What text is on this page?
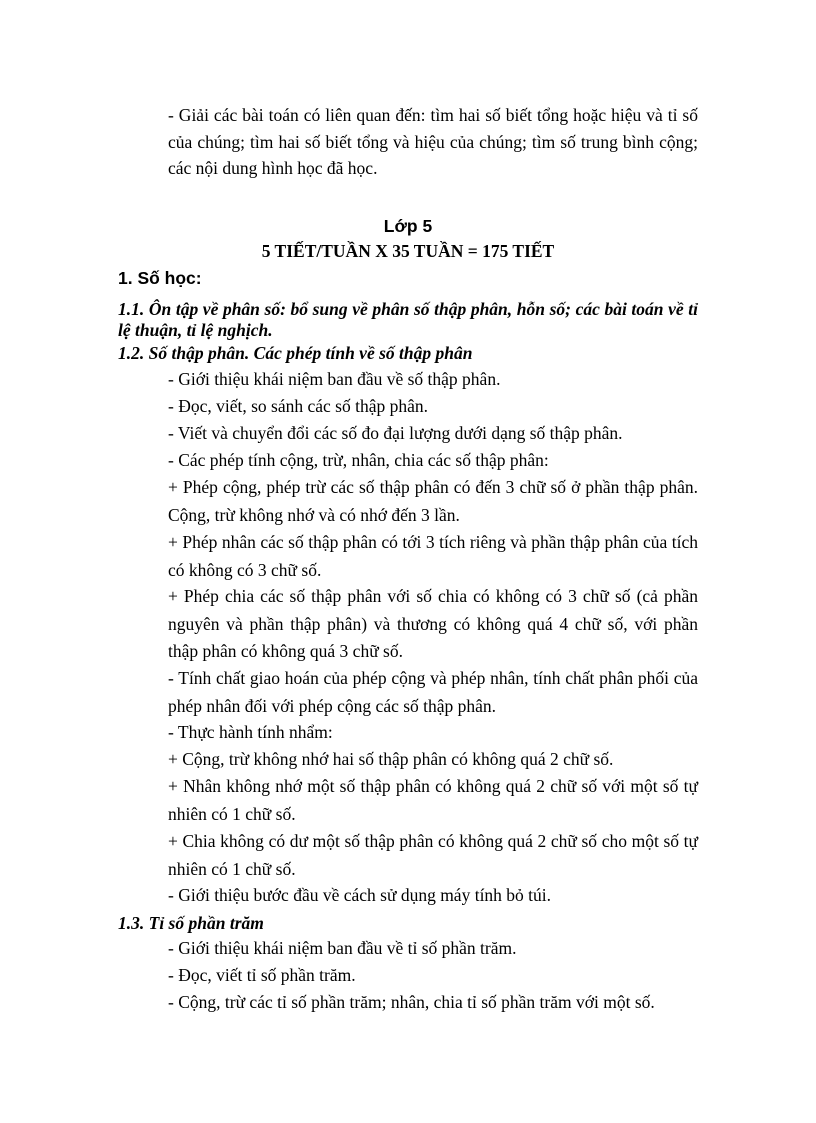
- Giải các bài toán có liên quan đến: tìm hai số biết tổng hoặc hiệu và tỉ số của chúng; tìm hai số biết tổng và hiệu của chúng; tìm số trung bình cộng; các nội dung hình học đã học.

Lớp 5

5 TIẾT/TUẦN X 35 TUẦN = 175 TIẾT

1. Số học:

1.1. Ôn tập về phân số: bổ sung về phân số thập phân, hỗn số; các bài toán về tỉ lệ thuận, tỉ lệ nghịch.

1.2. Số thập phân. Các phép tính về số thập phân

- Giới thiệu khái niệm ban đầu về số thập phân.

- Đọc, viết, so sánh các số thập phân.

- Viết và chuyển đổi các số đo đại lượng dưới dạng số thập phân.

- Các phép tính cộng, trừ, nhân, chia các số thập phân:

+ Phép cộng, phép trừ các số thập phân có đến 3 chữ số ở phần thập phân. Cộng, trừ không nhớ và có nhớ đến 3 lần.

+ Phép nhân các số thập phân có tới 3 tích riêng và phần thập phân của tích có không có 3 chữ số.

+ Phép chia các số thập phân với số chia có không có 3 chữ số (cả phần nguyên và phần thập phân) và thương có không quá 4 chữ số, với phần thập phân có không quá 3 chữ số.

- Tính chất giao hoán của phép cộng và phép nhân, tính chất phân phối của phép nhân đối với phép cộng các số thập phân.

- Thực hành tính nhẩm:

+ Cộng, trừ không nhớ hai số thập phân có không quá 2 chữ số.

+ Nhân không nhớ một số thập phân có không quá 2 chữ số với một số tự nhiên có 1 chữ số.

+ Chia không có dư một số thập phân có không quá 2 chữ số cho một số tự nhiên có 1 chữ số.

- Giới thiệu bước đầu về cách sử dụng máy tính bỏ túi.

1.3. Tỉ số phần trăm

- Giới thiệu khái niệm ban đầu về tỉ số phần trăm.

- Đọc, viết tỉ số phần trăm.

- Cộng, trừ các tỉ số phần trăm; nhân, chia tỉ số phần trăm với một số.
